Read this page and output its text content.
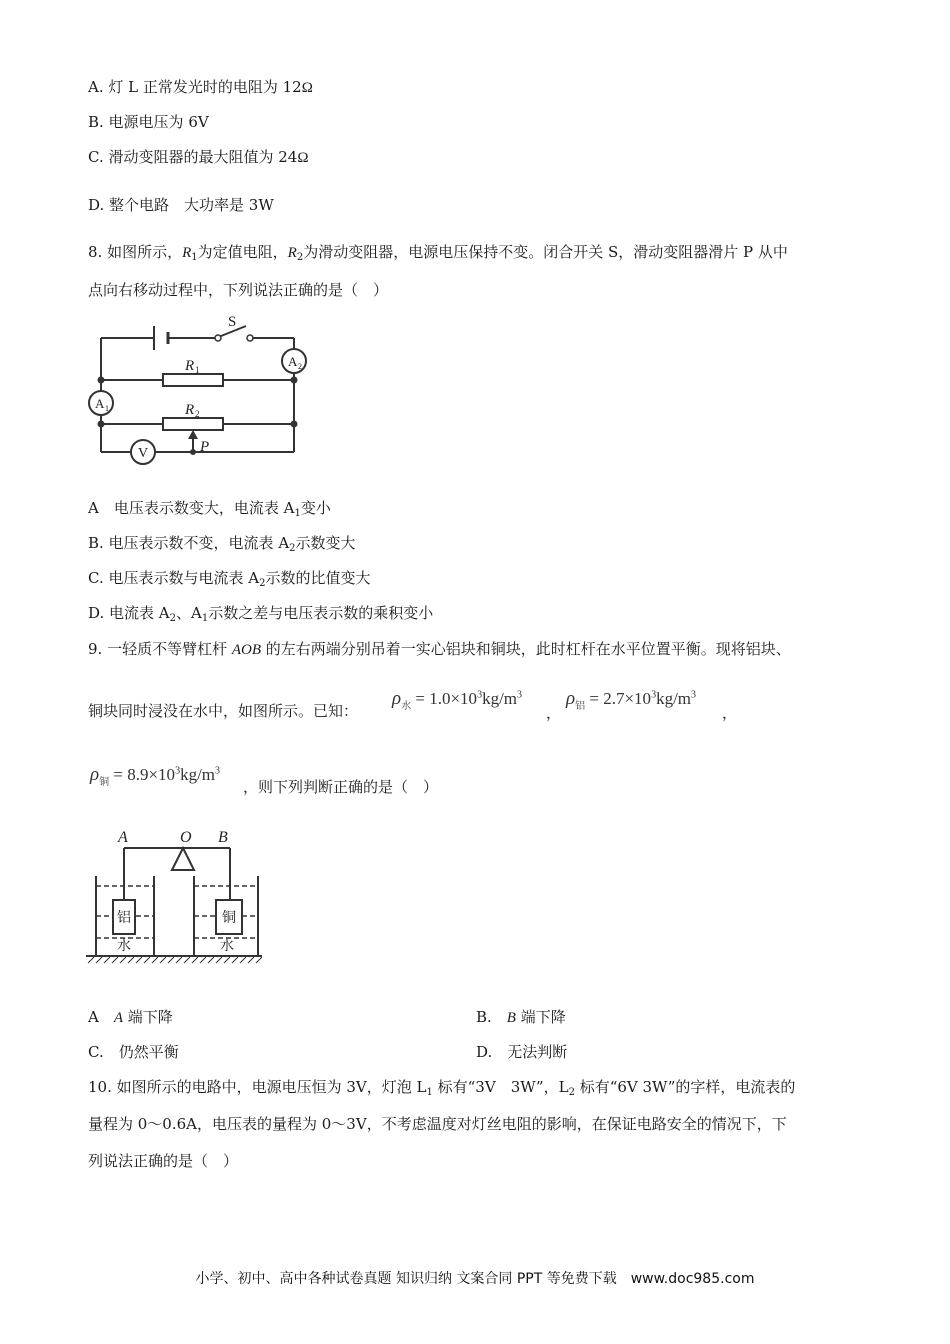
A. 灯 L 正常发光时的电阻为 12Ω
B. 电源电压为 6V
C. 滑动变阻器的最大阻值为 24Ω
D. 整个电路　大功率是 3W
8. 如图所示，$R_1$为定值电阻，$R_2$为滑动变阻器，电源电压保持不变。闭合开关 S，滑动变阻器滑片 P 从中
点向右移动过程中，下列说法正确的是（　）
S
A 2
A 1
R 1
R 2
V	P
A　电压表示数变大，电流表 $A_1$变小
B. 电压表示数不变，电流表 $A_2$示数变大
C. 电压表示数与电流表 $A_2$示数的比值变大
D. 电流表 $A_2$、$A_1$示数之差与电压表示数的乘积变小
9. 一轻质不等臂杠杆 AOB 的左右两端分别吊着一实心铝块和铜块，此时杠杆在水平位置平衡。现将铝块、
铜块同时浸没在水中，如图所示。已知：
$\rho_水 = 1.0\times 10^3kg/m^3$
，
$\rho_铝 = 2.7\times 10^3kg/m^3$
，
$\rho_铜 = 8.9\times 10^3kg/m^3$
，则下列判断正确的是（　）
A	O B
铝	铜
水	水
A　A 端下降	B.　B 端下降
C.　仍然平衡	D.　无法判断
10. 如图所示的电路中，电源电压恒为 3V，灯泡 $L_1$ 标有“3V　3W”，$L_2$ 标有“6V 3W”的字样，电流表的
量程为 0～0.6A，电压表的量程为 0～3V，不考虑温度对灯丝电阻的影响，在保证电路安全的情况下，下
列说法正确的是（　）
小学、初中、高中各种试卷真题 知识归纳 文案合同 PPT 等免费下载　www.doc985.com
